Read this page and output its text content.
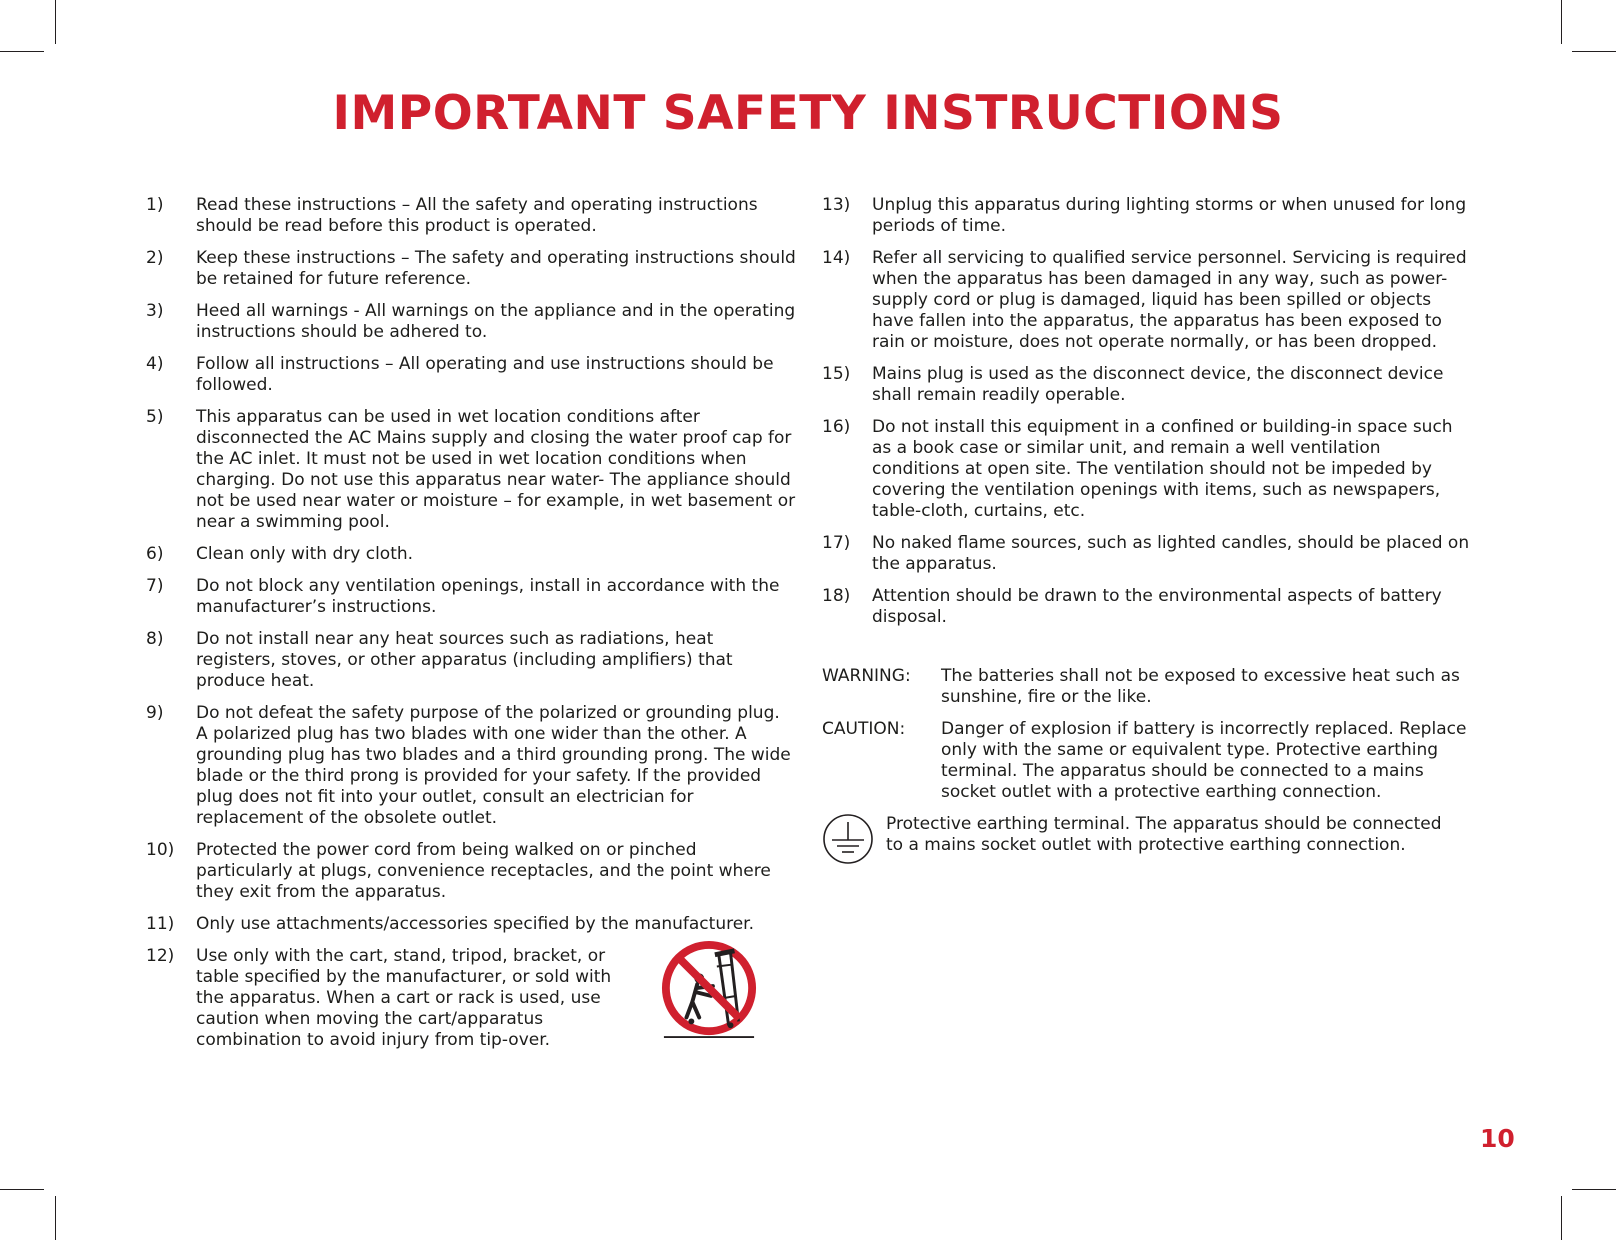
IMPORTANT SAFETY INSTRUCTIONS
1)	Read these instructions – All the safety and operating instructions should be read before this product is operated.
2)	Keep these instructions – The safety and operating instructions should be retained for future reference.
3)	Heed all warnings - All warnings on the appliance and in the operating instructions should be adhered to.
4)	Follow all instructions – All operating and use instructions should be followed.
5)	This apparatus can be used in wet location conditions after disconnected the AC Mains supply and closing the water proof cap for the AC inlet. It must not be used in wet location conditions when charging. Do not use this apparatus near water- The appliance should not be used near water or moisture – for example, in wet basement or near a swimming pool.
6)	Clean only with dry cloth.
7)	Do not block any ventilation openings, install in accordance with the manufacturer’s instructions.
8)	Do not install near any heat sources such as radiations, heat registers, stoves, or other apparatus (including amplifiers) that produce heat.
9)	Do not defeat the safety purpose of the polarized or grounding plug. A polarized plug has two blades with one wider than the other. A grounding plug has two blades and a third grounding prong. The wide blade or the third prong is provided for your safety. If the provided plug does not fit into your outlet, consult an electrician for replacement of the obsolete outlet.
10)	Protected the power cord from being walked on or pinched particularly at plugs, convenience receptacles, and the point where they exit from the apparatus.
11)	Only use attachments/accessories specified by the manufacturer.
12)	Use only with the cart, stand, tripod, bracket, or table specified by the manufacturer, or sold with the apparatus. When a cart or rack is used, use caution when moving the cart/apparatus combination to avoid injury from tip-over.
13)	Unplug this apparatus during lighting storms or when unused for long periods of time.
14)	Refer all servicing to qualified service personnel. Servicing is required when the apparatus has been damaged in any way, such as power-supply cord or plug is damaged, liquid has been spilled or objects have fallen into the apparatus, the apparatus has been exposed to rain or moisture, does not operate normally, or has been dropped.
15)	Mains plug is used as the disconnect device, the disconnect device shall remain readily operable.
16)	Do not install this equipment in a confined or building-in space such as a book case or similar unit, and remain a well ventilation conditions at open site. The ventilation should not be impeded by covering the ventilation openings with items, such as newspapers, table-cloth, curtains, etc.
17)	No naked flame sources, such as lighted candles, should be placed on the apparatus.
18)	Attention should be drawn to the environmental aspects of battery disposal.
WARNING:	The batteries shall not be exposed to excessive heat such as sunshine, fire or the like.
CAUTION:	Danger of explosion if battery is incorrectly replaced. Replace only with the same or equivalent type. Protective earthing terminal. The apparatus should be connected to a mains socket outlet with a protective earthing connection.
Protective earthing terminal. The apparatus should be connected to a mains socket outlet with protective earthing connection.
10
